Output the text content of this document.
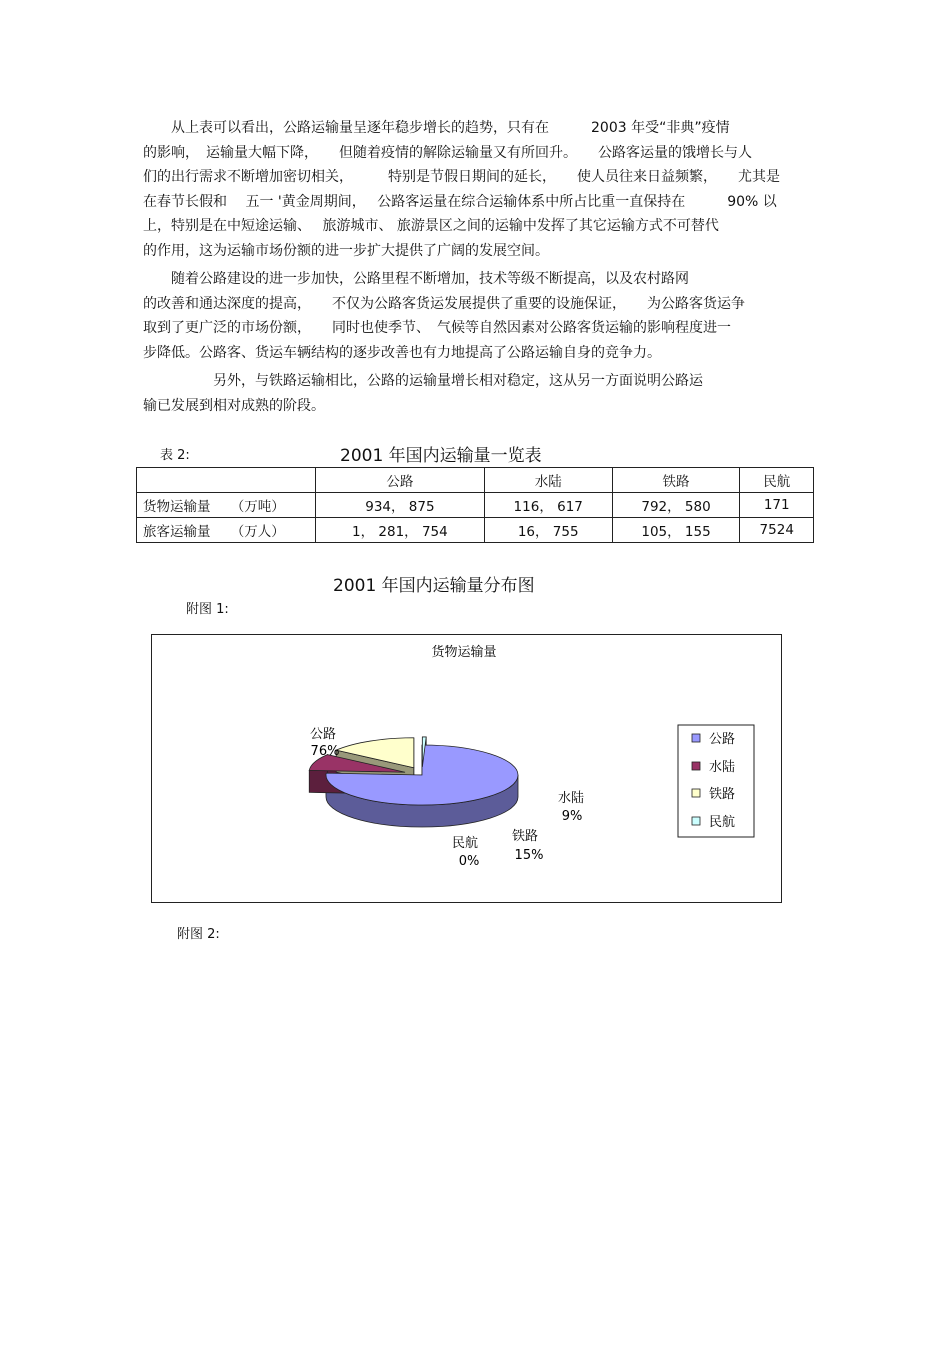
　　从上表可以看出，公路运输量呈逐年稳步增长的趋势，只有在　　　2003 年受“非典”疫情
的影响，　运输量大幅下降，　　但随着疫情的解除运输量又有所回升。　　公路客运量的饿增长与人
们的出行需求不断增加密切相关，　　　特别是节假日期间的延长，　　使人员往来日益频繁，　　尤其是
在春节长假和　 五一 '黄金周期间，　 公路客运量在综合运输体系中所占比重一直保持在　　　90% 以
上，特别是在中短途运输、　 旅游城市、 旅游景区之间的运输中发挥了其它运输方式不可替代
的作用，这为运输市场份额的进一步扩大提供了广阔的发展空间。
　　随着公路建设的进一步加快，公路里程不断增加，技术等级不断提高，以及农村路网
的改善和通达深度的提高，　　不仅为公路客货运发展提供了重要的设施保证，　　为公路客货运争
取到了更广泛的市场份额，　　同时也使季节、　气候等自然因素对公路客货运输的影响程度进一
步降低。公路客、货运车辆结构的逐步改善也有力地提高了公路运输自身的竞争力。
　　　　　另外，与铁路运输相比，公路的运输量增长相对稳定，这从另一方面说明公路运
输已发展到相对成熟的阶段。
表 2:	2001 年国内运输量一览表
	公路	水陆	铁路	民航
货物运输量　　（万吨）	934， 875	116， 617	792， 580	171
旅客运输量　　（万人）	1， 281， 754	16， 755	105， 155	7524
2001 年国内运输量分布图
附图 1:
货物运输量
公路
76%
水陆
9%
铁路
15%
民航
0%
公路
水陆
铁路
民航
附图 2:
